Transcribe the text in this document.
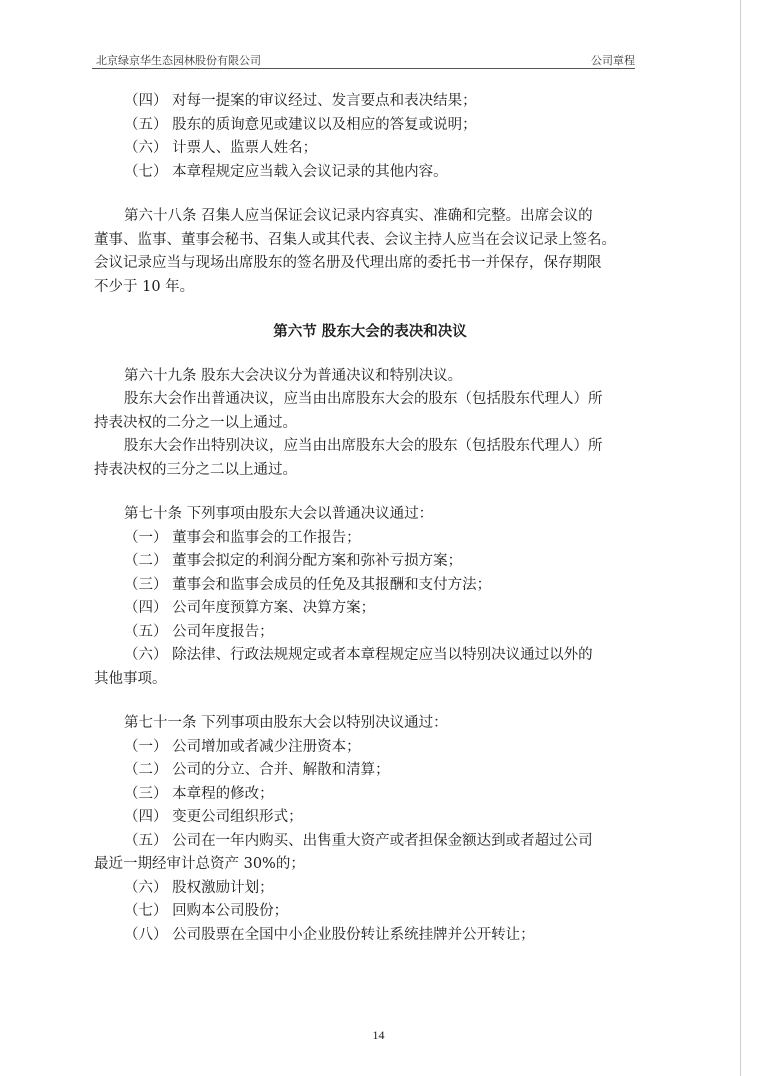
北京绿京华生态园林股份有限公司	公司章程
（四） 对每一提案的审议经过、发言要点和表决结果；
（五） 股东的质询意见或建议以及相应的答复或说明；
（六） 计票人、监票人姓名；
（七） 本章程规定应当载入会议记录的其他内容。
第六十八条 召集人应当保证会议记录内容真实、准确和完整。出席会议的
董事、监事、董事会秘书、召集人或其代表、会议主持人应当在会议记录上签名。
会议记录应当与现场出席股东的签名册及代理出席的委托书一并保存，保存期限
不少于 10 年。
第六节 股东大会的表决和决议
第六十九条 股东大会决议分为普通决议和特别决议。
股东大会作出普通决议，应当由出席股东大会的股东（包括股东代理人）所
持表决权的二分之一以上通过。
股东大会作出特别决议，应当由出席股东大会的股东（包括股东代理人）所
持表决权的三分之二以上通过。
第七十条 下列事项由股东大会以普通决议通过：
（一） 董事会和监事会的工作报告；
（二） 董事会拟定的利润分配方案和弥补亏损方案；
（三） 董事会和监事会成员的任免及其报酬和支付方法；
（四） 公司年度预算方案、决算方案；
（五） 公司年度报告；
（六） 除法律、行政法规规定或者本章程规定应当以特别决议通过以外的
其他事项。
第七十一条 下列事项由股东大会以特别决议通过：
（一） 公司增加或者减少注册资本；
（二） 公司的分立、合并、解散和清算；
（三） 本章程的修改；
（四） 变更公司组织形式；
（五） 公司在一年内购买、出售重大资产或者担保金额达到或者超过公司
最近一期经审计总资产 30%的；
（六） 股权激励计划；
（七） 回购本公司股份；
（八） 公司股票在全国中小企业股份转让系统挂牌并公开转让；
14
